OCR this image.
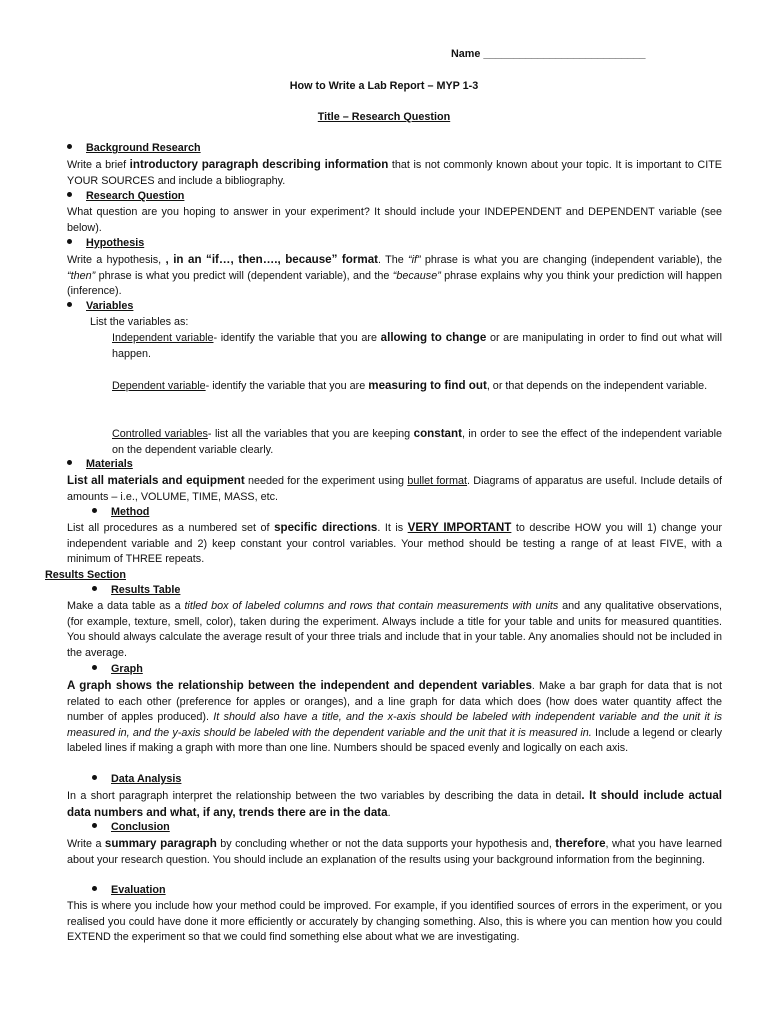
Name ___________________________
How to Write a Lab Report – MYP 1-3
Title – Research Question
Background Research
Write a brief introductory paragraph describing information that is not commonly known about your topic. It is important to CITE YOUR SOURCES and include a bibliography.
Research Question
What question are you hoping to answer in your experiment? It should include your INDEPENDENT and DEPENDENT variable (see below).
Hypothesis
Write a hypothesis, , in an “if…, then…., because” format. The “if” phrase is what you are changing (independent variable), the “then” phrase is what you predict will (dependent variable), and the “because” phrase explains why you think your prediction will happen (inference).
Variables
List the variables as:
Independent variable- identify the variable that you are allowing to change or are manipulating in order to find out what will happen.
Dependent variable- identify the variable that you are measuring to find out, or that depends on the independent variable.
Controlled variables- list all the variables that you are keeping constant, in order to see the effect of the independent variable on the dependent variable clearly.
Materials
List all materials and equipment needed for the experiment using bullet format. Diagrams of apparatus are useful. Include details of amounts – i.e., VOLUME, TIME, MASS, etc.
Method
List all procedures as a numbered set of specific directions. It is VERY IMPORTANT to describe HOW you will 1) change your independent variable and 2) keep constant your control variables. Your method should be testing a range of at least FIVE, with a minimum of THREE repeats.
Results Section
Results Table
Make a data table as a titled box of labeled columns and rows that contain measurements with units and any qualitative observations, (for example, texture, smell, color), taken during the experiment. Always include a title for your table and units for measured quantities. You should always calculate the average result of your three trials and include that in your table. Any anomalies should not be included in the average.
Graph
A graph shows the relationship between the independent and dependent variables. Make a bar graph for data that is not related to each other (preference for apples or oranges), and a line graph for data which does (how does water quantity affect the number of apples produced). It should also have a title, and the x-axis should be labeled with independent variable and the unit it is measured in, and the y-axis should be labeled with the dependent variable and the unit that it is measured in. Include a legend or clearly labeled lines if making a graph with more than one line. Numbers should be spaced evenly and logically on each axis.
Data Analysis
In a short paragraph interpret the relationship between the two variables by describing the data in detail. It should include actual data numbers and what, if any, trends there are in the data.
Conclusion
Write a summary paragraph by concluding whether or not the data supports your hypothesis and, therefore, what you have learned about your research question. You should include an explanation of the results using your background information from the beginning.
Evaluation
This is where you include how your method could be improved. For example, if you identified sources of errors in the experiment, or you realised you could have done it more efficiently or accurately by changing something. Also, this is where you can mention how you could EXTEND the experiment so that we could find something else about what we are investigating.
